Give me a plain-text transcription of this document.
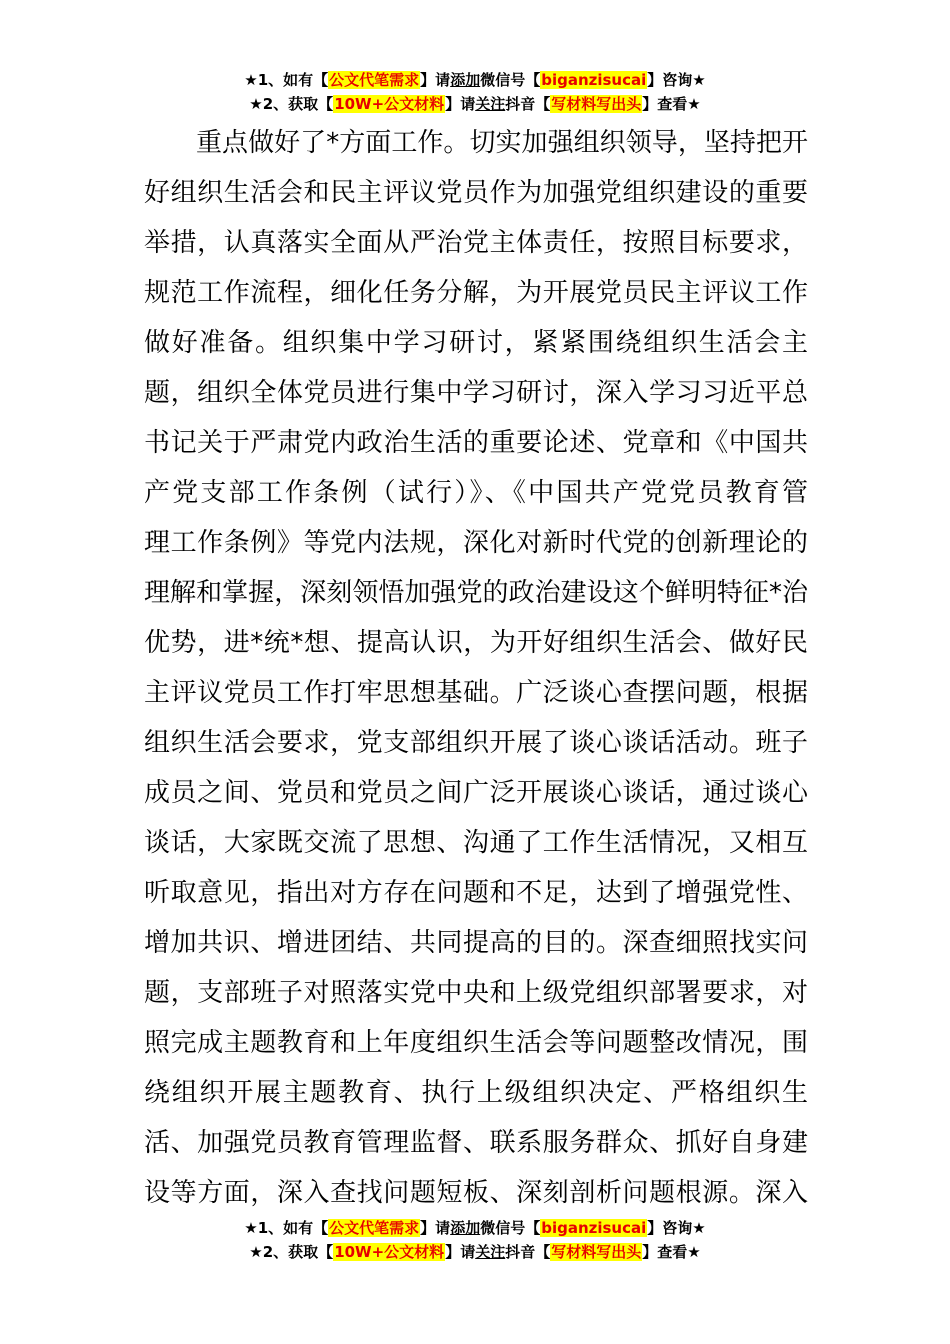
★1、如有【公文代笔需求】请添加微信号【biganzisucai】咨询★
★2、获取【10W+公文材料】请关注抖音【写材料写出头】查看★
重点做好了*方面工作。切实加强组织领导，坚持把开
好组织生活会和民主评议党员作为加强党组织建设的重要
举措，认真落实全面从严治党主体责任，按照目标要求，
规范工作流程，细化任务分解，为开展党员民主评议工作
做好准备。组织集中学习研讨，紧紧围绕组织生活会主
题，组织全体党员进行集中学习研讨，深入学习习近平总
书记关于严肃党内政治生活的重要论述、党章和《中国共
产党支部工作条例（试行）》、《中国共产党党员教育管
理工作条例》等党内法规，深化对新时代党的创新理论的
理解和掌握，深刻领悟加强党的政治建设这个鲜明特征*治
优势，进*统*想、提高认识，为开好组织生活会、做好民
主评议党员工作打牢思想基础。广泛谈心查摆问题，根据
组织生活会要求，党支部组织开展了谈心谈话活动。班子
成员之间、党员和党员之间广泛开展谈心谈话，通过谈心
谈话，大家既交流了思想、沟通了工作生活情况，又相互
听取意见，指出对方存在问题和不足，达到了增强党性、
增加共识、增进团结、共同提高的目的。深查细照找实问
题，支部班子对照落实党中央和上级党组织部署要求，对
照完成主题教育和上年度组织生活会等问题整改情况，围
绕组织开展主题教育、执行上级组织决定、严格组织生
活、加强党员教育管理监督、联系服务群众、抓好自身建
设等方面，深入查找问题短板、深刻剖析问题根源。深入
★1、如有【公文代笔需求】请添加微信号【biganzisucai】咨询★
★2、获取【10W+公文材料】请关注抖音【写材料写出头】查看★
